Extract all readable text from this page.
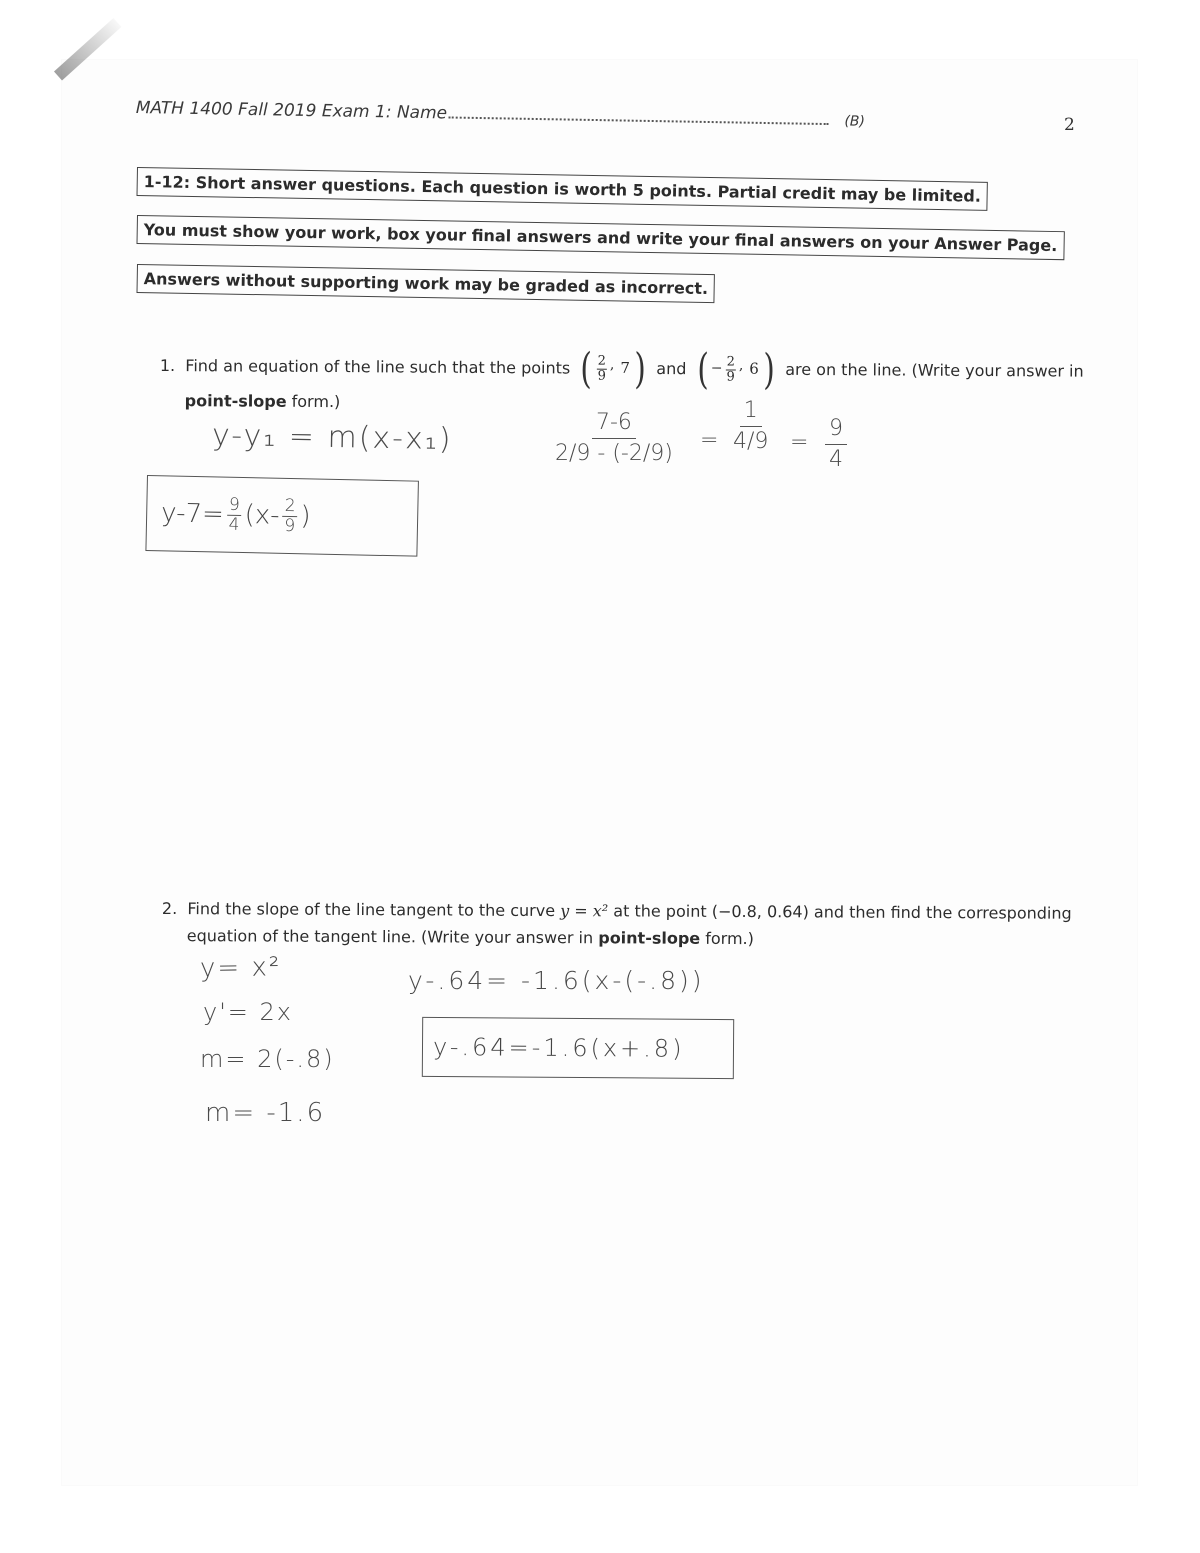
MATH 1400 Fall 2019 Exam 1: Name	(B)	2
1-12: Short answer questions. Each question is worth 5 points. Partial credit may be limited.
You must show your work, box your final answers and write your final answers on your Answer Page.
Answers without supporting work may be graded as incorrect.
1.
Find an equation of the line such that the points ( $\frac{2}{9}$ , 7 ) and ( − $\frac{2}{9}$ , 6 ) are on the line. (Write your answer in
point-slope
form.)
y-y₁ = m(x-x₁)	7-6
2/9 - (-2/9)
=
1
4/9 =
9
4
$y-7= \frac{9}{4} (x- \frac{2}{9}$ )
2.
Find the slope of the line tangent to the curve
y = x²
at the point (−0.8, 0.64) and then find the corresponding
equation of the tangent line. (Write your answer in
point-slope
form.)
y= x²
y'= 2x
m= 2(-.8)
m= -1.6
y-.64= -1.6(x-(-.8))
y-.64=-1.6(x+.8)
